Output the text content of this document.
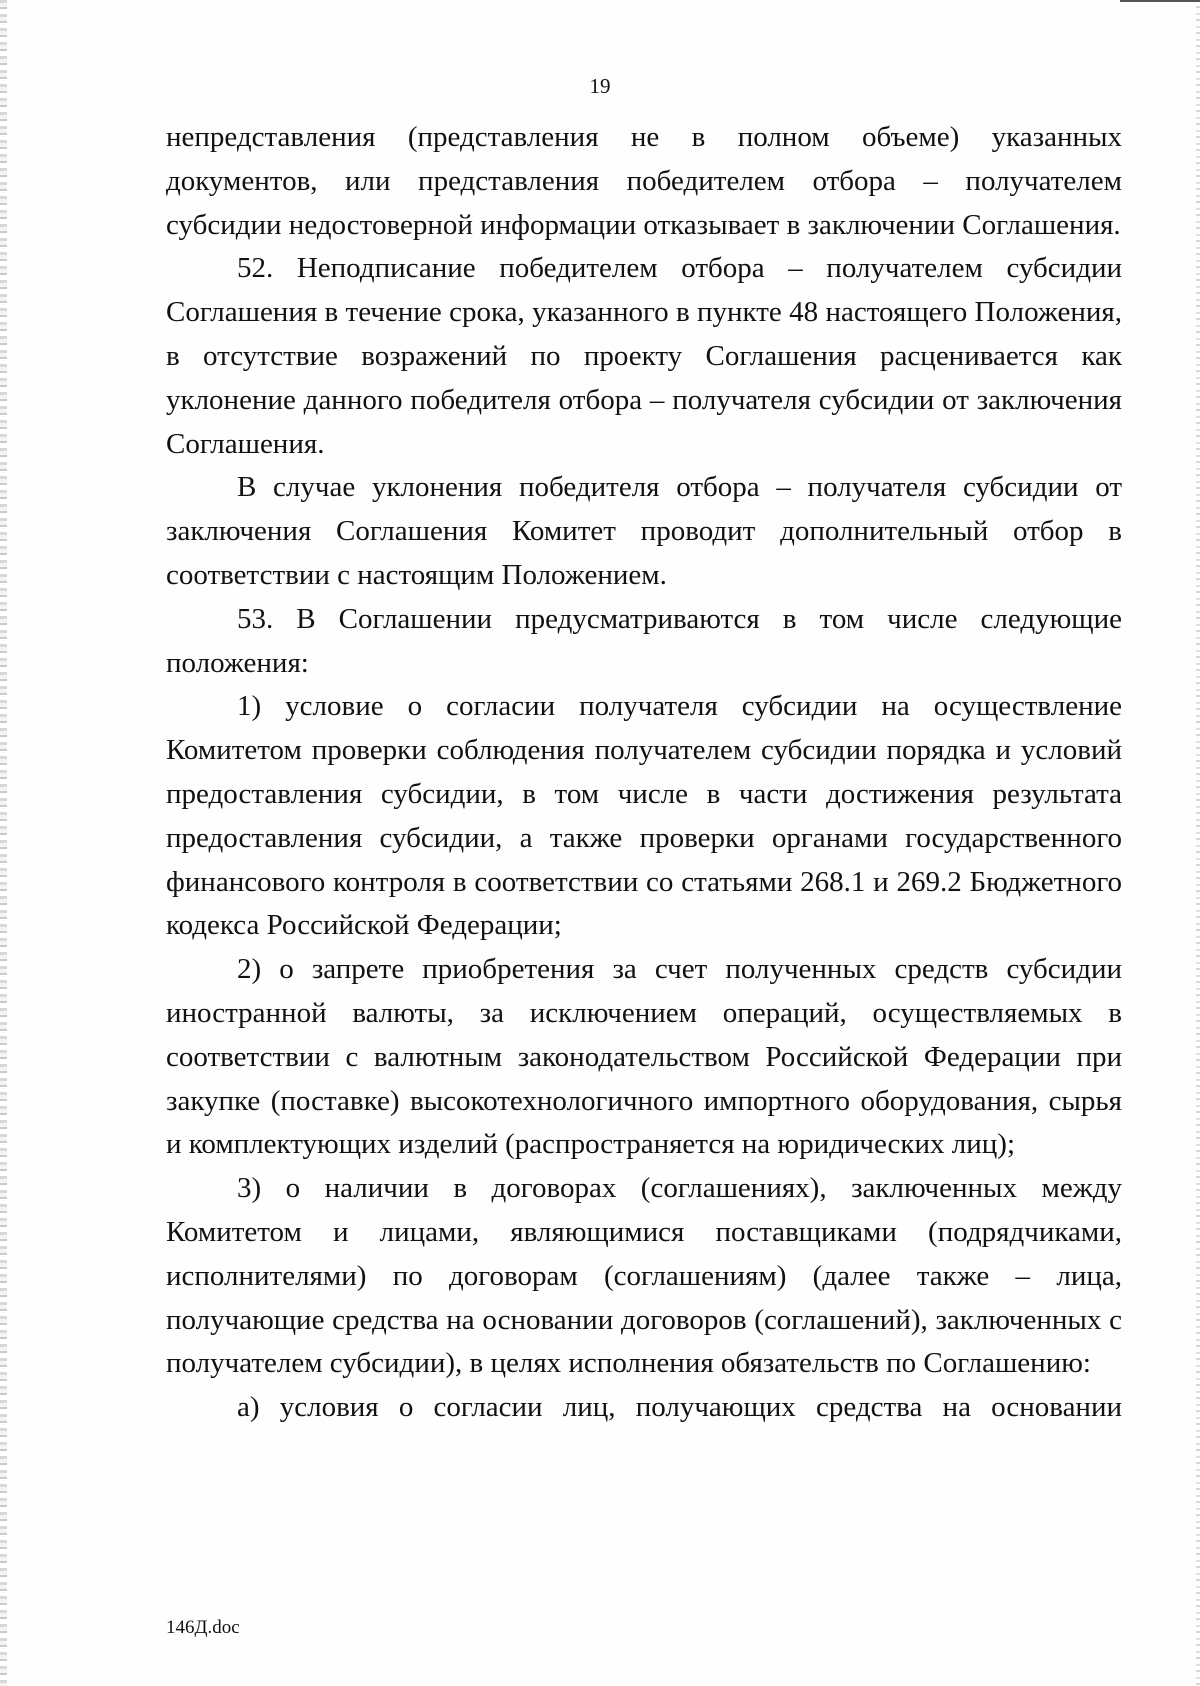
19

непредставления (представления не в полном объеме) указанных документов, или представления победителем отбора – получателем субсидии недостоверной информации отказывает в заключении Соглашения.

52. Неподписание победителем отбора – получателем субсидии Соглашения в течение срока, указанного в пункте 48 настоящего Положения, в отсутствие возражений по проекту Соглашения расценивается как уклонение данного победителя отбора – получателя субсидии от заключения Соглашения.

В случае уклонения победителя отбора – получателя субсидии от заключения Соглашения Комитет проводит дополнительный отбор в соответствии с настоящим Положением.

53. В Соглашении предусматриваются в том числе следующие положения:

1) условие о согласии получателя субсидии на осуществление Комитетом проверки соблюдения получателем субсидии порядка и условий предоставления субсидии, в том числе в части достижения результата предоставления субсидии, а также проверки органами государственного финансового контроля в соответствии со статьями 268.1 и 269.2 Бюджетного кодекса Российской Федерации;

2) о запрете приобретения за счет полученных средств субсидии иностранной валюты, за исключением операций, осуществляемых в соответствии с валютным законодательством Российской Федерации при закупке (поставке) высокотехнологичного импортного оборудования, сырья и комплектующих изделий (распространяется на юридических лиц);

3) о наличии в договорах (соглашениях), заключенных между Комитетом и лицами, являющимися поставщиками (подрядчиками, исполнителями) по договорам (соглашениям) (далее также – лица, получающие средства на основании договоров (соглашений), заключенных с получателем субсидии), в целях исполнения обязательств по Соглашению:

а) условия о согласии лиц, получающих средства на основании

146Д.doc
